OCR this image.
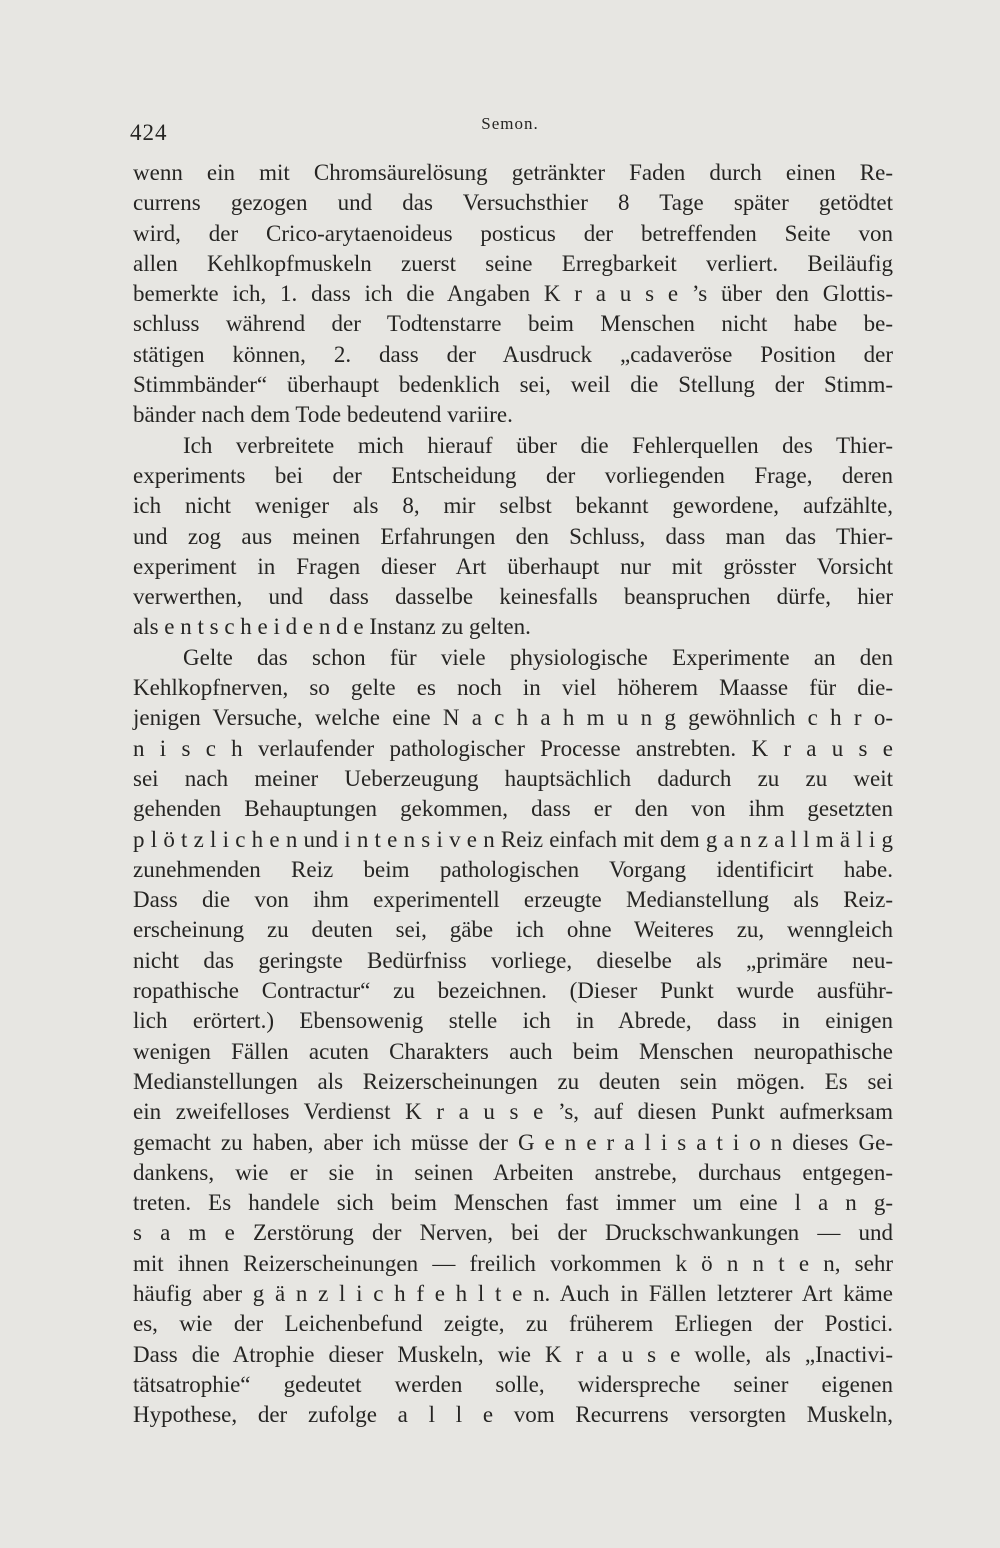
424	Semon.
wenn ein mit Chromsäurelösung getränkter Faden durch einen Re-
currens gezogen und das Versuchsthier 8 Tage später getödtet
wird, der Crico-arytaenoideus posticus der betreffenden Seite von
allen Kehlkopfmuskeln zuerst seine Erregbarkeit verliert. Beiläufig
bemerkte ich, 1. dass ich die Angaben K r a u s e ’s über den Glottis-
schluss während der Todtenstarre beim Menschen nicht habe be-
stätigen können, 2. dass der Ausdruck „cadaveröse Position der
Stimmbänder“ überhaupt bedenklich sei, weil die Stellung der Stimm-
bänder nach dem Tode bedeutend variire.
Ich verbreitete mich hierauf über die Fehlerquellen des Thier-
experiments bei der Entscheidung der vorliegenden Frage, deren
ich nicht weniger als 8, mir selbst bekannt gewordene, aufzählte,
und zog aus meinen Erfahrungen den Schluss, dass man das Thier-
experiment in Fragen dieser Art überhaupt nur mit grösster Vorsicht
verwerthen, und dass dasselbe keinesfalls beanspruchen dürfe, hier
als e n t s c h e i d e n d e Instanz zu gelten.
Gelte das schon für viele physiologische Experimente an den
Kehlkopfnerven, so gelte es noch in viel höherem Maasse für die-
jenigen Versuche, welche eine N a c h a h m u n g gewöhnlich c h r o-
n i s c h verlaufender pathologischer Processe anstrebten. K r a u s e
sei nach meiner Ueberzeugung hauptsächlich dadurch zu zu weit
gehenden Behauptungen gekommen, dass er den von ihm gesetzten
p l ö t z l i c h e n und i n t e n s i v e n Reiz einfach mit dem g a n z a l l m ä l i g
zunehmenden Reiz beim pathologischen Vorgang identificirt habe.
Dass die von ihm experimentell erzeugte Medianstellung als Reiz-
erscheinung zu deuten sei, gäbe ich ohne Weiteres zu, wenngleich
nicht das geringste Bedürfniss vorliege, dieselbe als „primäre neu-
ropathische Contractur“ zu bezeichnen. (Dieser Punkt wurde ausführ-
lich erörtert.) Ebensowenig stelle ich in Abrede, dass in einigen
wenigen Fällen acuten Charakters auch beim Menschen neuropathische
Medianstellungen als Reizerscheinungen zu deuten sein mögen. Es sei
ein zweifelloses Verdienst K r a u s e ’s, auf diesen Punkt aufmerksam
gemacht zu haben, aber ich müsse der G e n e r a l i s a t i o n dieses Ge-
dankens, wie er sie in seinen Arbeiten anstrebe, durchaus entgegen-
treten. Es handele sich beim Menschen fast immer um eine l a n g-
s a m e Zerstörung der Nerven, bei der Druckschwankungen — und
mit ihnen Reizerscheinungen — freilich vorkommen k ö n n t e n, sehr
häufig aber g ä n z l i c h f e h l t e n. Auch in Fällen letzterer Art käme
es, wie der Leichenbefund zeigte, zu früherem Erliegen der Postici.
Dass die Atrophie dieser Muskeln, wie K r a u s e wolle, als „Inactivi-
tätsatrophie“ gedeutet werden solle, widerspreche seiner eigenen
Hypothese, der zufolge a l l e vom Recurrens versorgten Muskeln,
